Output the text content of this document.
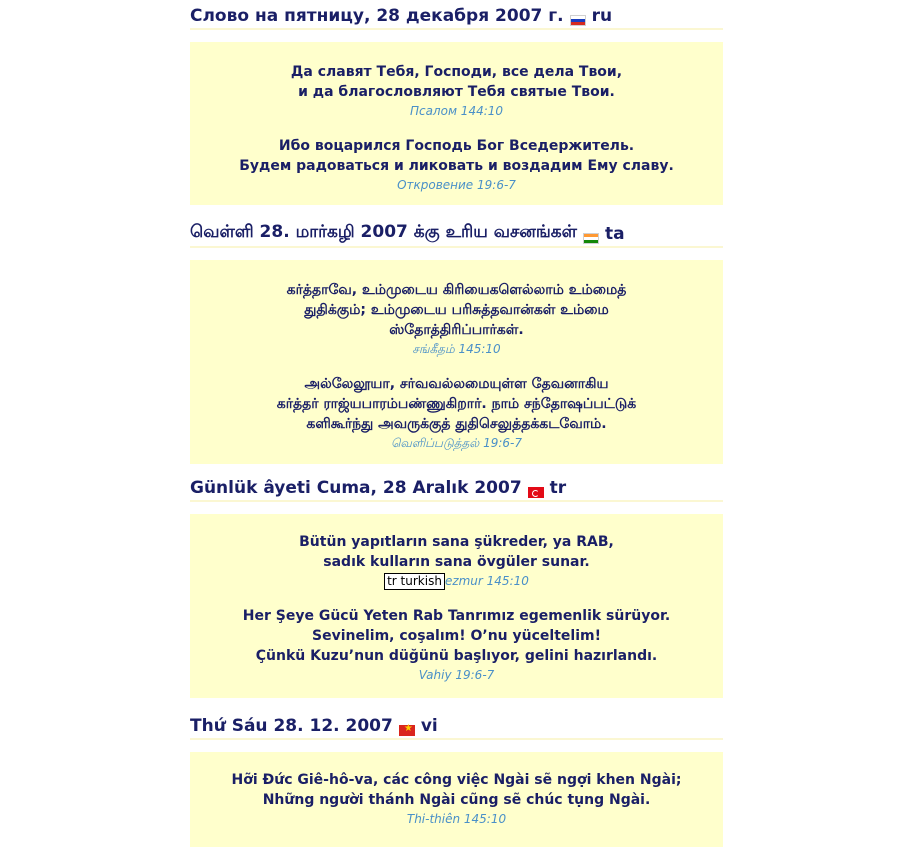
Слово на пятницу, 28 декабря 2007 г. ru
Да славят Тебя, Господи, все дела Твои,
и да благословляют Тебя святые Твои.
Псалом 144:10
Ибо воцарился Господь Бог Вседержитель.
Будем радоваться и ликовать и воздадим Ему славу.
Откровение 19:6-7
வெள்ளி 28. மார்கழி 2007 க்கு உரிய வசனங்கள் ta
கர்த்தாவே, உம்முடைய கிரியைகளெல்லாம் உம்மைத்
துதிக்கும்; உம்முடைய பரிசுத்தவான்கள் உம்மை
ஸ்தோத்திரிப்பார்கள்.
சங்கீதம் 145:10
அல்லேலூயா, சர்வவல்லமையுள்ள தேவனாகிய
கர்த்தர் ராஜ்யபாரம்பண்ணுகிறார். நாம் சந்தோஷப்பட்டுக்
களிகூர்ந்து அவருக்குத் துதிசெலுத்தக்கடவோம்.
வெளிப்படுத்தல் 19:6-7
Günlük âyeti Cuma, 28 Aralık 2007 tr
Bütün yapıtların sana şükreder, ya RAB,
sadık kulların sana övgüler sunar.
tr turkish ezmur 145:10
Her Şeye Gücü Yeten Rab Tanrımız egemenlik sürüyor.
Sevinelim, coşalım! O’nu yüceltelim!
Çünkü Kuzu’nun düğünü başlıyor, gelini hazırlandı.
Vahiy 19:6-7
Thứ Sáu 28. 12. 2007
★ vi
Hỡi Đức Giê-hô-va, các công việc Ngài sẽ ngợi khen Ngài;
Những người thánh Ngài cũng sẽ chúc tụng Ngài.
Thi-thiên 145:10
